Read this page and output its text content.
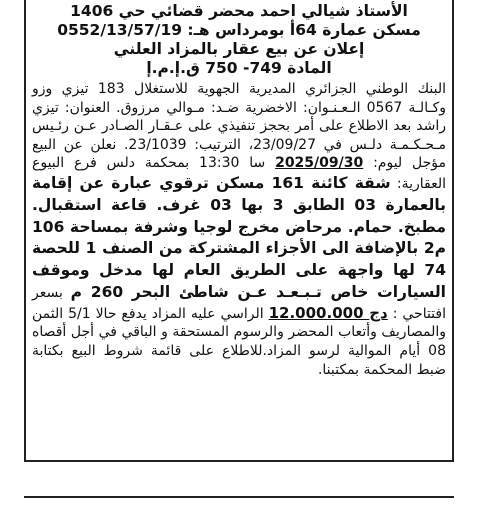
الأستاذ شيالي احمد محضر قضائي حي 1406
مسكن عمارة 64أ بومرداس هـ: 0552/13/57/19
إعلان عن بيع عقار بالمزاد العلني
المادة 749- 750 ق.إ.م.إ
البنك الوطني الجزائري المديرية الجهوية للاستغلال 183 تيزي وزو وكـالـة 0567 الـعـنـوان: الاخضرية ضـد: مـوالي مرزوق. العنوان: تيزي راشد بعد الاطلاع على أمر بحجز تنفيذي على عـقـار الصـادر عـن رئـيس مـحـكـمـة دلـس في 23/09/27، الترتيب: 23/1039. نعلن عن البيع مؤجل ليوم: 2025/09/30 سا 13:30 بمحكمة دلس فرع البيوع العقارية: شقة كائنة 161 مسكن ترقوي عبارة عن إقامة بالعمارة 03 الطابق 3 بها 03 غرف. قاعة استقبال. مطبخ. حمام. مرحاض مخرج لوجيا وشرفة بمساحة 106 م2 بالإضافة الى الأجزاء المشتركة من الصنف 1 للحصة 74 لها واجهة على الطريق العام لها مدخل وموقف السيارات خاص تـبـعـد عـن شاطئ البحر 260 م بسعر افتتاحي : 12.000.000 دج الراسي عليه المزاد يدفع حالا 5/1 الثمن والمصاريف وأتعاب المحضر والرسوم المستحقة و الباقي في أجل أقصاه 08 أيام الموالية لرسو المزاد.للاطلاع على قائمة شروط البيع بكتابة ضبط المحكمة بمكتبنا.
